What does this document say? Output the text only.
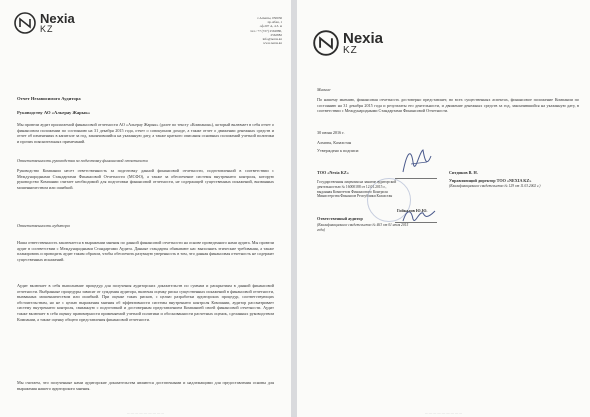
Nexia
KZ
г.Алматы, 050036
пр.Абая, 1
оф.207 А, 4.3. м
тел.: +7 (727) 2562880,
2562882
info@nexia.kz
www.nexia.kz
Отчет Независимого Аудитора
Руководству АО «Альерау Жарык»
Мы провели аудит прилагаемой финансовой отчетности АО «Альерау Жарык» (далее по тексту «Компания»), который включает в себя отчет о финансовом положении по состоянию на 31 декабря 2015 года, отчет о совокупном доходе, а также отчет о движении денежных средств и отчет об изменениях в капитале за год, закончившийся на указанную дату, а также краткого описания основных положений учетной политики и прочих пояснительных примечаний.
Ответственность руководства за подготовку финансовой отчетности
Руководство Компании несет ответственность за подготовку данной финансовой отчетности, подготовленной в соответствии с Международными Стандартами Финансовой Отчетности (МСФО), а также за обеспечение системы внутреннего контроля, которую руководство Компании считает необходимой для подготовки финансовой отчетности, не содержащей существенных искажений, вызванных мошенничеством или ошибкой.
Ответственность аудитора
Наша ответственность заключается в выражении мнения по данной финансовой отчетности на основе проведенного нами аудита. Мы провели аудит в соответствии с Международными Стандартами Аудита. Данные стандарты обязывают нас выполнять этические требования, а также планировать и проводить аудит таким образом, чтобы обеспечить разумную уверенность в том, что данная финансовая отчетность не содержит существенных искажений.
Аудит включает в себя выполнение процедур для получения аудиторских доказательств по суммам и раскрытиям в данной финансовой отчетности. Выбранные процедуры зависят от суждения аудитора, включая оценку риска существенных искажений в финансовой отчетности, вызванных мошенничеством или ошибкой. При оценке таких рисков, с целью разработки аудиторских процедур, соответствующих обстоятельствам, но не с целью выражения мнения об эффективности системы внутреннего контроля Компании, аудитор рассматривает систему внутреннего контроля, связанную с подготовкой и достоверным представлением Компанией своей финансовой отчетности. Аудит также включает в себя оценку правомерности применяемой учетной политики и обоснованности расчетных оценок, сделанных руководством Компании, а также оценку общего представления финансовой отчетности.
Мы считаем, что полученные нами аудиторские доказательства являются достаточными и надлежащими для предоставления основы для выражения нашего аудиторского мнения.
. . . . . . . . . . . . . . . . . . . . . . . . . . . . .
Nexia
KZ
Мнение
По нашему мнению, финансовая отчетность достоверно представляет, во всех существенных аспектах, финансовое положение Компании по состоянию на 31 декабря 2015 года и результаты его деятельности, и движение денежных средств за год, закончившийся на указанную дату, в соответствии с Международными Стандартами Финансовой Отчетности.
30 июня 2016 г.
Алматы, Казахстан
Утверждено к подписи:
ТОО «Nexia KZ»	Ситдиков В. Н.
Управляющий директор ТОО «NEXIA KZ»
(Квалификационное свидетельство № 129 от 11.03.2002 г.)
Государственная лицензия на занятие аудиторской деятельностью № 16000188 от 12.01.2015 г., выданная Комитетом Финансового Контроля Министерства Финансов Республики Казахстан
Гойкалов Ю.Ю.
Ответственный аудитор
(Квалификационное свидетельство № 463 от 01 июля 2015 года)
. . . . . . . . . . . . . . . . . . . . . . . . . . . . .
